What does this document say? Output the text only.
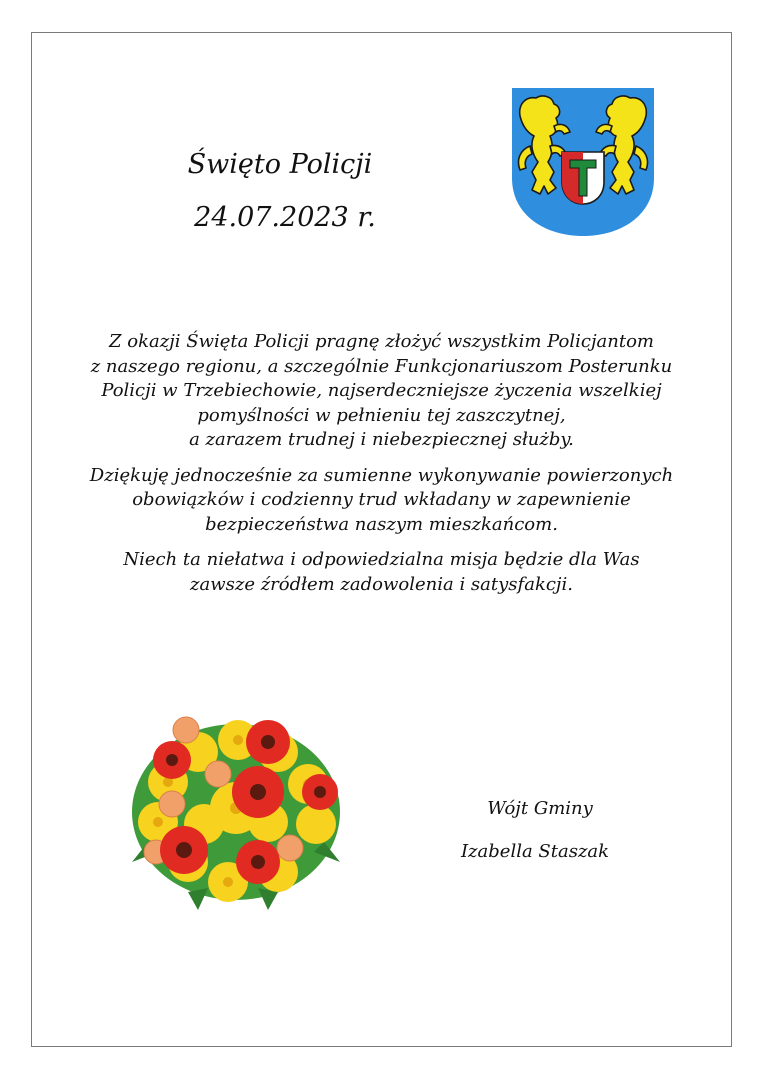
Święto Policji
24.07.2023 r.

Z okazji Święta Policji pragnę złożyć wszystkim Policjantom
z naszego regionu, a szczególnie Funkcjonariuszom Posterunku
Policji w Trzebiechowie, najserdeczniejsze życzenia wszelkiej
pomyślności w pełnieniu tej zaszczytnej,
a zarazem trudnej i niebezpiecznej służby.

Dziękuję jednocześnie za sumienne wykonywanie powierzonych
obowiązków i codzienny trud wkładany w zapewnienie
bezpieczeństwa naszym mieszkańcom.

Niech ta niełatwa i odpowiedzialna misja będzie dla Was
zawsze źródłem zadowolenia i satysfakcji.

Wójt Gminy
Izabella Staszak
